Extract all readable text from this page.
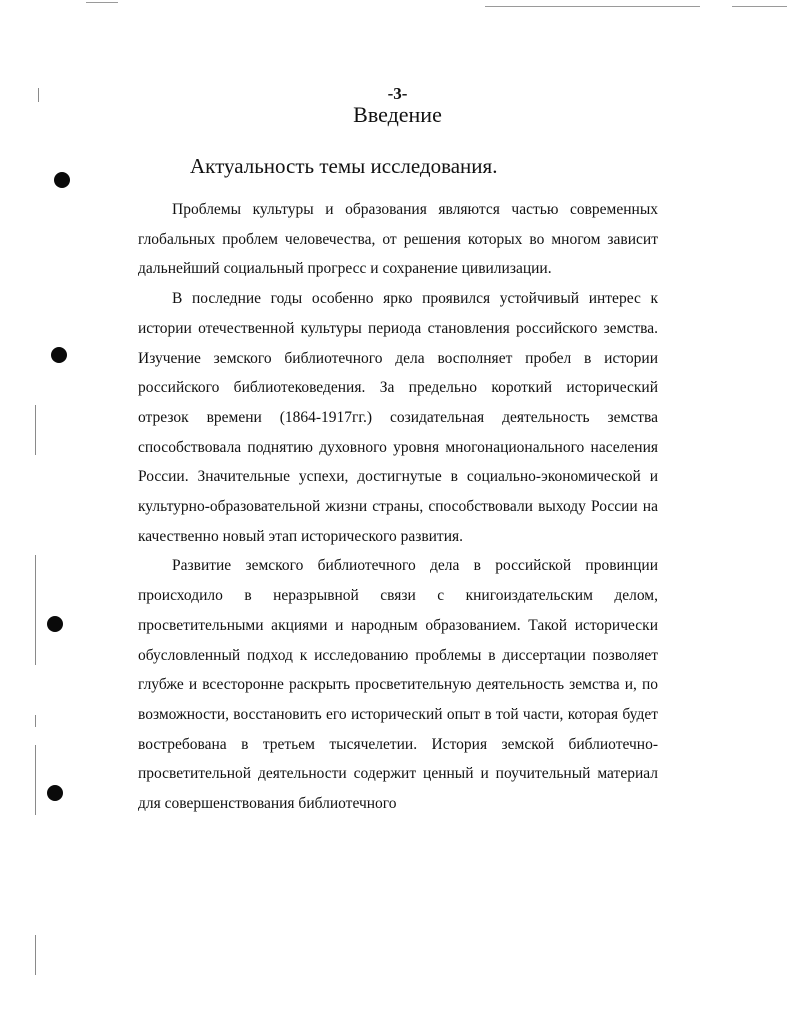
-3-
Введение
Актуальность темы исследования.

Проблемы культуры и образования являются частью современных глобальных проблем человечества, от решения которых во многом зависит дальнейший социальный прогресс и сохранение цивилизации.

В последние годы особенно ярко проявился устойчивый интерес к истории отечественной культуры периода становления российского земства. Изучение земского библиотечного дела восполняет пробел в истории российского библиотековедения. За предельно короткий исторический отрезок времени (1864-1917гг.) созидательная деятельность земства способствовала поднятию духовного уровня многонационального населения России. Значительные успехи, достигнутые в социально-экономической и культурно-образовательной жизни страны, способствовали выходу России на качественно новый этап исторического развития.

Развитие земского библиотечного дела в российской провинции происходило в неразрывной связи с книгоиздательским делом, просветительными акциями и народным образованием. Такой исторически обусловленный подход к исследованию проблемы в диссертации позволяет глубже и всесторонне раскрыть просветительную деятельность земства и, по возможности, восстановить его исторический опыт в той части, которая будет востребована в третьем тысячелетии. История земской библиотечно-просветительной деятельности содержит ценный и поучительный материал для совершенствования библиотечного
